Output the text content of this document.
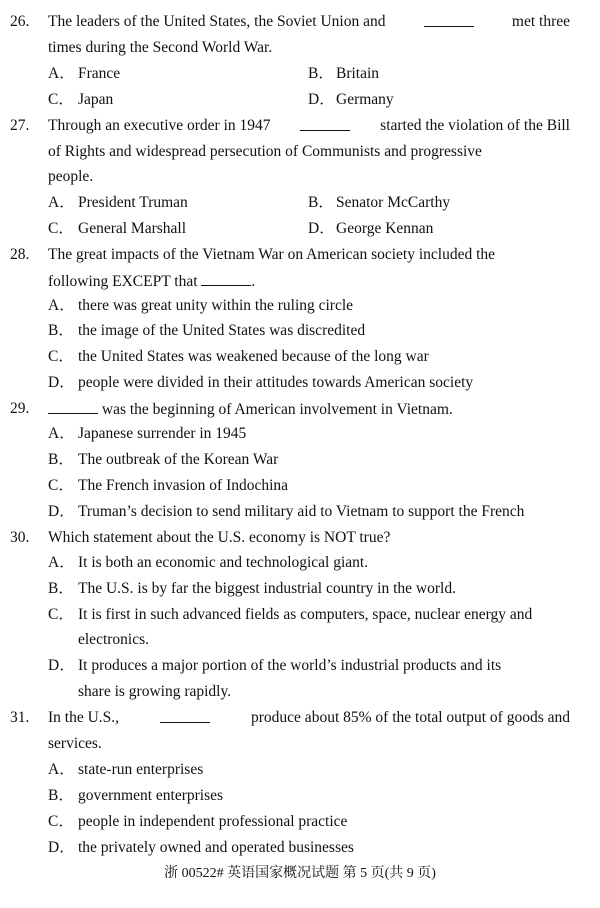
26. The leaders of the United States, the Soviet Union and	met three
times during the Second World War.
A． France	B． Britain
C． Japan	D． Germany
27. Through an executive order in 1947	started the violation of the Bill
of Rights and widespread persecution of Communists and progressive
people.
A． President Truman	B． Senator McCarthy
C． General Marshall	D． George Kennan
28. The great impacts of the Vietnam War on American society included the
following EXCEPT that	.
A． there was great unity within the ruling circle
B． the image of the United States was discredited
C． the United States was weakened because of the long war
D． people were divided in their attitudes towards American society
29.	was the beginning of American involvement in Vietnam.
A． Japanese surrender in 1945
B． The outbreak of the Korean War
C． The French invasion of Indochina
D． Truman’s decision to send military aid to Vietnam to support the French
30. Which statement about the U.S. economy is NOT true?
A． It is both an economic and technological giant.
B． The U.S. is by far the biggest industrial country in the world.
C． It is first in such advanced fields as computers, space, nuclear energy and
electronics.
D． It produces a major portion of the world’s industrial products and its
share is growing rapidly.
31. In the U.S.,	produce about 85% of the total output of goods and
services.
A． state-run enterprises
B． government enterprises
C． people in independent professional practice
D． the privately owned and operated businesses
浙 00522# 英语国家概况试题 第 5 页(共 9 页)
